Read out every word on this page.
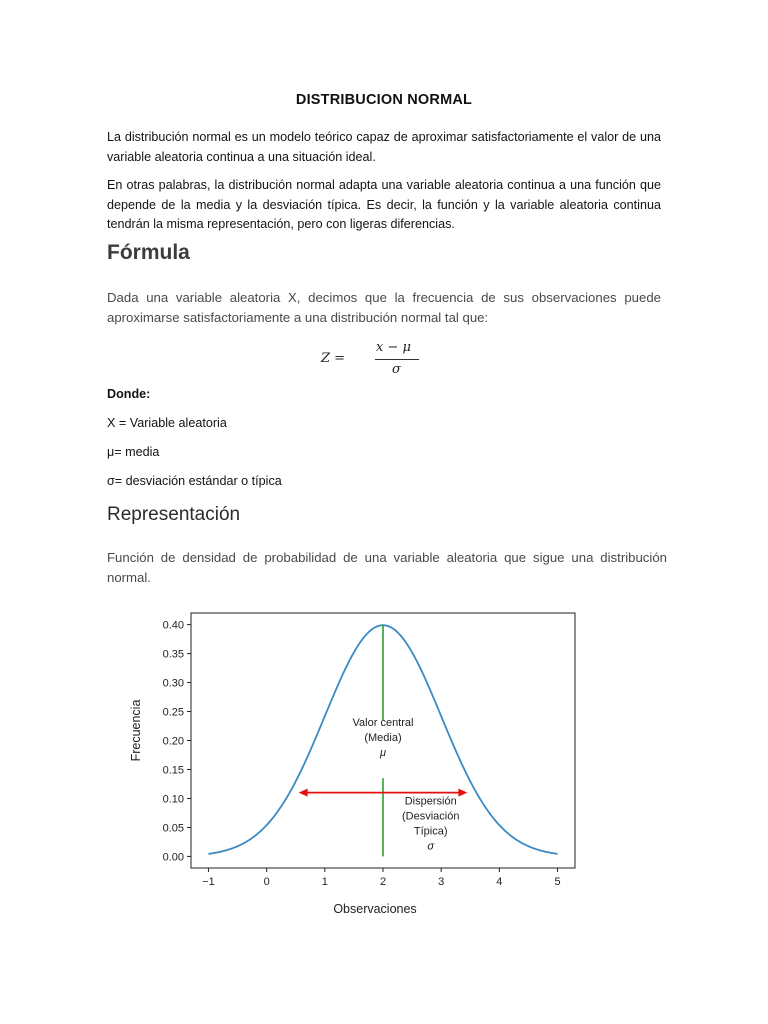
DISTRIBUCION NORMAL
La distribución normal es un modelo teórico capaz de aproximar satisfactoriamente el valor de una variable aleatoria continua a una situación ideal.
En otras palabras, la distribución normal adapta una variable aleatoria continua a una función que depende de la media y la desviación típica. Es decir, la función y la variable aleatoria continua tendrán la misma representación, pero con ligeras diferencias.
Fórmula
Dada una variable aleatoria X, decimos que la frecuencia de sus observaciones puede aproximarse satisfactoriamente a una distribución normal tal que:
Z =
x − μ
σ
Donde:
X = Variable aleatoria
μ= media
σ= desviación estándar o típica
Representación
Función de densidad de probabilidad de una variable aleatoria que sigue una distribución normal.
0.00
0.05
0.10
0.15
0.20
0.25
0.30
0.35
0.40
−1	0	1	2	3	4	5
Observaciones
Frecuencia	Valor central
(Media)
μ
Dispersión
(Desviación
Típica)
σ
